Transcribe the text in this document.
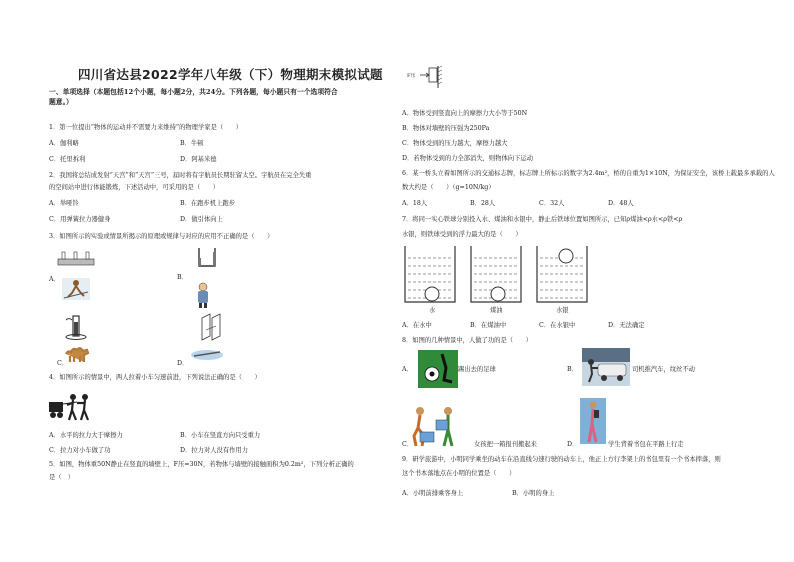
四川省达县2022学年八年级（下）物理期末模拟试题
一、单项选择（本题包括12个小题，每小题2分，共24分。下列各题，每小题只有一个选项符合
题意。）
1．第一位提出“物体的运动并不需要力来维持”的物理学家是（　　）
A．伽利略	B．牛顿
C．托里拆利	D．阿基米德
2．我国将总结成发射“天宫”和“天宫”三号，届时将有宇航员长期驻留太空。宇航员在完全失重
的空间站中进行体能锻炼，下述活动中，可采用的是（　　）
A．举哑铃	B．在跑步机上跑步
C．用弹簧拉力器健身	D．做引体向上
3．如图所示的实验或情景所揭示的原理或规律与对应的应用不正确的是（　　）
A．	B．
C．	D．
4．如图所示的情景中，两人拉着小车匀速前进，下列说法正确的是（　　）
A．水平的拉力大于摩擦力	B．小车在竖直方向只受重力
C．拉力对小车做了功	D．拉力对人没有作用力
5．如图，物体重50N静止在竖直的墙壁上，F压=30N，若物体与墙壁的接触面积为0.2m²，下列分析正确的
是（　）
F压
A．物体受到竖直向上的摩擦力大小等于50N
B．物体对墙壁的压强为250Pa
C．物体受到的压力越大，摩擦力越大
D．若物体受到的力全部消失，则物体向下运动
6．某一桥头立着如图所示的交通标志牌，标志牌上所标示的数字为2.4m²，桥的自重为1×10N，为保证安全，该桥上载最多承载的人
数大约是（　　）（g=10N/kg）
A．18人	B．28人	C．32人	D．48人
7．将同一实心铁球分别投入水、煤油和水银中，静止后铁球位置如图所示，已知ρ煤油<ρ水<ρ铁<ρ
水银，则铁球受到的浮力最大的是（　　）
水	煤油	水银
A．在水中	B．在煤油中	C．在水银中	D．无法确定
8．如图的几种情景中，人做了功的是（　　）
A．	踢出去的足球	B．	司机推汽车，纹丝不动
C．	女孩把一箱报刊搬起来	D．	学生背着书包在平路上行走
9．研学旅游中，小明同学乘坐的动车在沿直线匀速行驶的动车上，他正上方行李架上的书包里有一个书本摔落，则
这个书本落地点在小明的位置是（　　）
A．小明前排乘客身上	B．小明的身上
